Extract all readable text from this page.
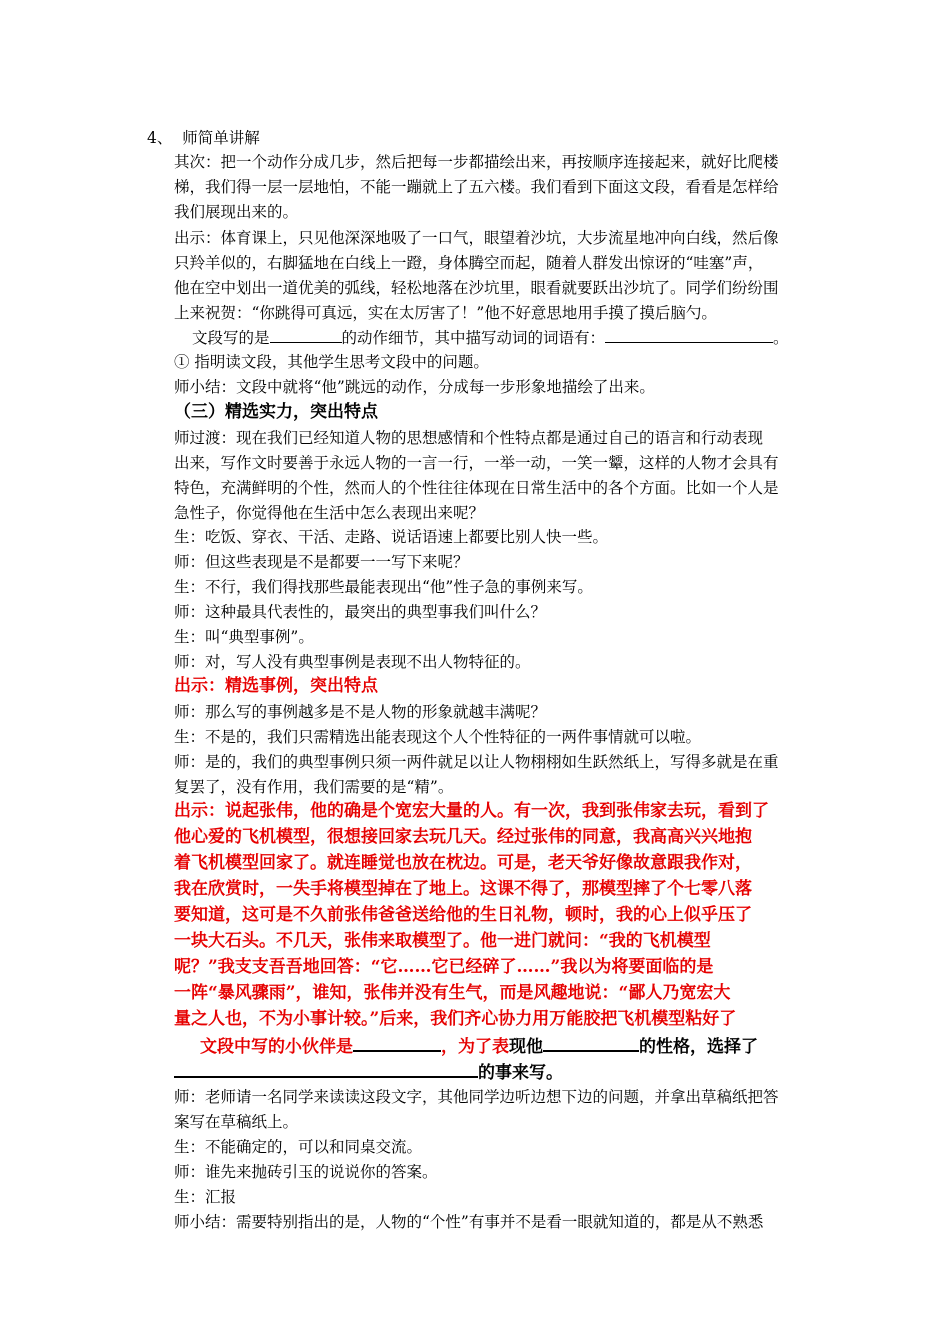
4、 师简单讲解
其次：把一个动作分成几步，然后把每一步都描绘出来，再按顺序连接起来，就好比爬楼
梯，我们得一层一层地怕，不能一蹦就上了五六楼。我们看到下面这文段，看看是怎样给
我们展现出来的。
出示：体育课上，只见他深深地吸了一口气，眼望着沙坑，大步流星地冲向白线，然后像
只羚羊似的，右脚猛地在白线上一蹬，身体腾空而起，随着人群发出惊讶的“哇塞”声，
他在空中划出一道优美的弧线，轻松地落在沙坑里，眼看就要跃出沙坑了。同学们纷纷围
上来祝贺：“你跳得可真远，实在太厉害了！”他不好意思地用手摸了摸后脑勺。
文段写的是	的动作细节，其中描写动词的词语有：	。
① 指明读文段，其他学生思考文段中的问题。
师小结：文段中就将“他”跳远的动作，分成每一步形象地描绘了出来。
（三）精选实力，突出特点
师过渡：现在我们已经知道人物的思想感情和个性特点都是通过自己的语言和行动表现
出来，写作文时要善于永远人物的一言一行，一举一动，一笑一颦，这样的人物才会具有
特色，充满鲜明的个性，然而人的个性往往体现在日常生活中的各个方面。比如一个人是
急性子，你觉得他在生活中怎么表现出来呢？
生：吃饭、穿衣、干活、走路、说话语速上都要比别人快一些。
师：但这些表现是不是都要一一写下来呢？
生：不行，我们得找那些最能表现出“他”性子急的事例来写。
师：这种最具代表性的，最突出的典型事我们叫什么？
生：叫“典型事例”。
师：对，写人没有典型事例是表现不出人物特征的。
出示：精选事例，突出特点
师：那么写的事例越多是不是人物的形象就越丰满呢？
生：不是的，我们只需精选出能表现这个人个性特征的一两件事情就可以啦。
师：是的，我们的典型事例只须一两件就足以让人物栩栩如生跃然纸上，写得多就是在重
复罢了，没有作用，我们需要的是“精”。
出示：说起张伟，他的确是个宽宏大量的人。有一次，我到张伟家去玩，看到了
他心爱的飞机模型，很想接回家去玩几天。经过张伟的同意，我高高兴兴地抱
着飞机模型回家了。就连睡觉也放在枕边。可是，老天爷好像故意跟我作对，
我在欣赏时，一失手将模型掉在了地上。这课不得了，那模型摔了个七零八落
要知道，这可是不久前张伟爸爸送给他的生日礼物，顿时，我的心上似乎压了
一块大石头。不几天，张伟来取模型了。他一进门就问：“我的飞机模型
呢？”我支支吾吾地回答：“它……它已经碎了……”我以为将要面临的是
一阵“暴风骤雨”，谁知，张伟并没有生气，而是风趣地说：“鄙人乃宽宏大
量之人也，不为小事计较。”后来，我们齐心协力用万能胶把飞机模型粘好了
文段中写的小伙伴是	，为了表现他	的性格，选择了
的事来写。
师：老师请一名同学来读读这段文字，其他同学边听边想下边的问题，并拿出草稿纸把答
案写在草稿纸上。
生：不能确定的，可以和同桌交流。
师：谁先来抛砖引玉的说说你的答案。
生：汇报
师小结：需要特别指出的是，人物的“个性”有事并不是看一眼就知道的，都是从不熟悉
